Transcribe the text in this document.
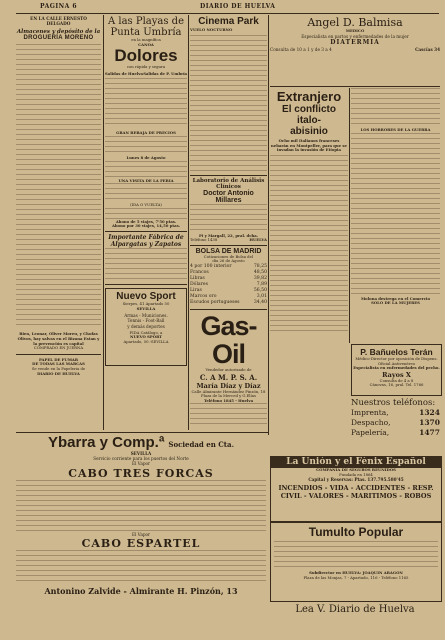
PAGINA 6	DIARIO DE HUELVA
EN LA CALLE ERNESTO
DELGADO
Almacenes y depósito de la
DROGUERÍA MORENO
Bien, Leonar, Oliver Moreu, y Chofas Olivos, hay salvas en el Bizana Estan y la prevención es capital
COMPRADO EN JUERNA
PAPEL DE FUMAR
DE TODAS LAS MARCAS
Se vende en la Papeleria de
DIARIO DE HUELVA
A las Playas de
Punta Umbría
en la magnífica
CANOA
Dolores
con rápida y segura
Salidas de Huelva Salidas de P. Umbría
GRAN REBAJA DE PRECIOS
Lunes 8 de Agosto
UNA VISITA DE LA FERIA
(IDA O VUELTA)
Abono de 5 viajes, 7'50 ptas.
Abono por 30 viajes, 14,50 ptas.
Importante Fábrica de
Alpargatas y Zapatos
Nuevo Sport
Sierpes, 41 Apartado 50
SEVILLA
Armas - Municiones.
Tennis - Foot-Ball
y demás deportes
PIDA Catálogo, a
NUEVO SPORT
Apartado, 50.-SEVILLA
Cinema Park
VUELO NOCTURNO
Laboratorio de Análisis
Clínicos
Doctor Antonio Millares
Pi y Margall, 22, pral. dcha.
Teléfono 1438	HUELVA
BOLSA DE MADRID
Cotizaciones de Bolsa del
día 26 de Agosto
4 por 100 interior	78,25
Francos	48,50
Libras	39,82
Dólares	7,89
Liras	56,50
Marcos oro	3,01
Escudos portugueses	34,40
Gas-Oil
Vendedor autorizado de
C. A M. P. S. A.
María Díaz y Díaz
Calle Almirante Hernández Pinzón, 18
Plaza de la Merced y G.Elías
Teléfono 1845 - Huelva
Angel D. Balmisa
MEDICO
Especialista en partos y enfermedades de la mujer
DIATERMIA
Consulta de 10 a 1 y de 3 a 4	Cascías 34
Extranjero
El conflicto italo-
abisinio
Ocho mil Italianos franceses nebarán en Montpeller, para que se invadan la invasión de Etiopia
LOS HORRORES DE LA GUERRA
Molona destrega en el Comercio
SOLO DE LA MUJERES
P. Bañuelos Terán
Médico-Director por oposición de Dispens. Oficial Antivenéreo
Especialista en enfermedades del pecho.
Rayos X
Consulta de 4 a 8
Cánovas, 16, pral. Tel. 1766
Nuestros teléfonos:
Imprenta,	1324
Despacho,	1370
Papelería,	1477
Ybarra y Comp.ª Sociedad en Cta.
SEVILLA
Servicio corriente para los puertos del Norte
El Vapor
CABO TRES FORCAS
El Vapor
CABO ESPARTEL
Antonino Zalvide - Almirante H. Pinzón, 13
La Unión y el Fénix Español
COMPAÑIA DE SEGUROS REUNIDOS
Fundada en 1864
Capital y Reservas: Ptas. 137.795.580'45
INCENDIOS - VIDA - ACCIDENTES - RESP. CIVIL - VALORES - MARITIMOS - ROBOS
Tumulto Popular
Subdirector en HUELVA: JOAQUIN ARAGON
Plaza de las Monjas, 7 - Apartado, 116 - Teléfono 1165
Lea V. Diario de Huelva
